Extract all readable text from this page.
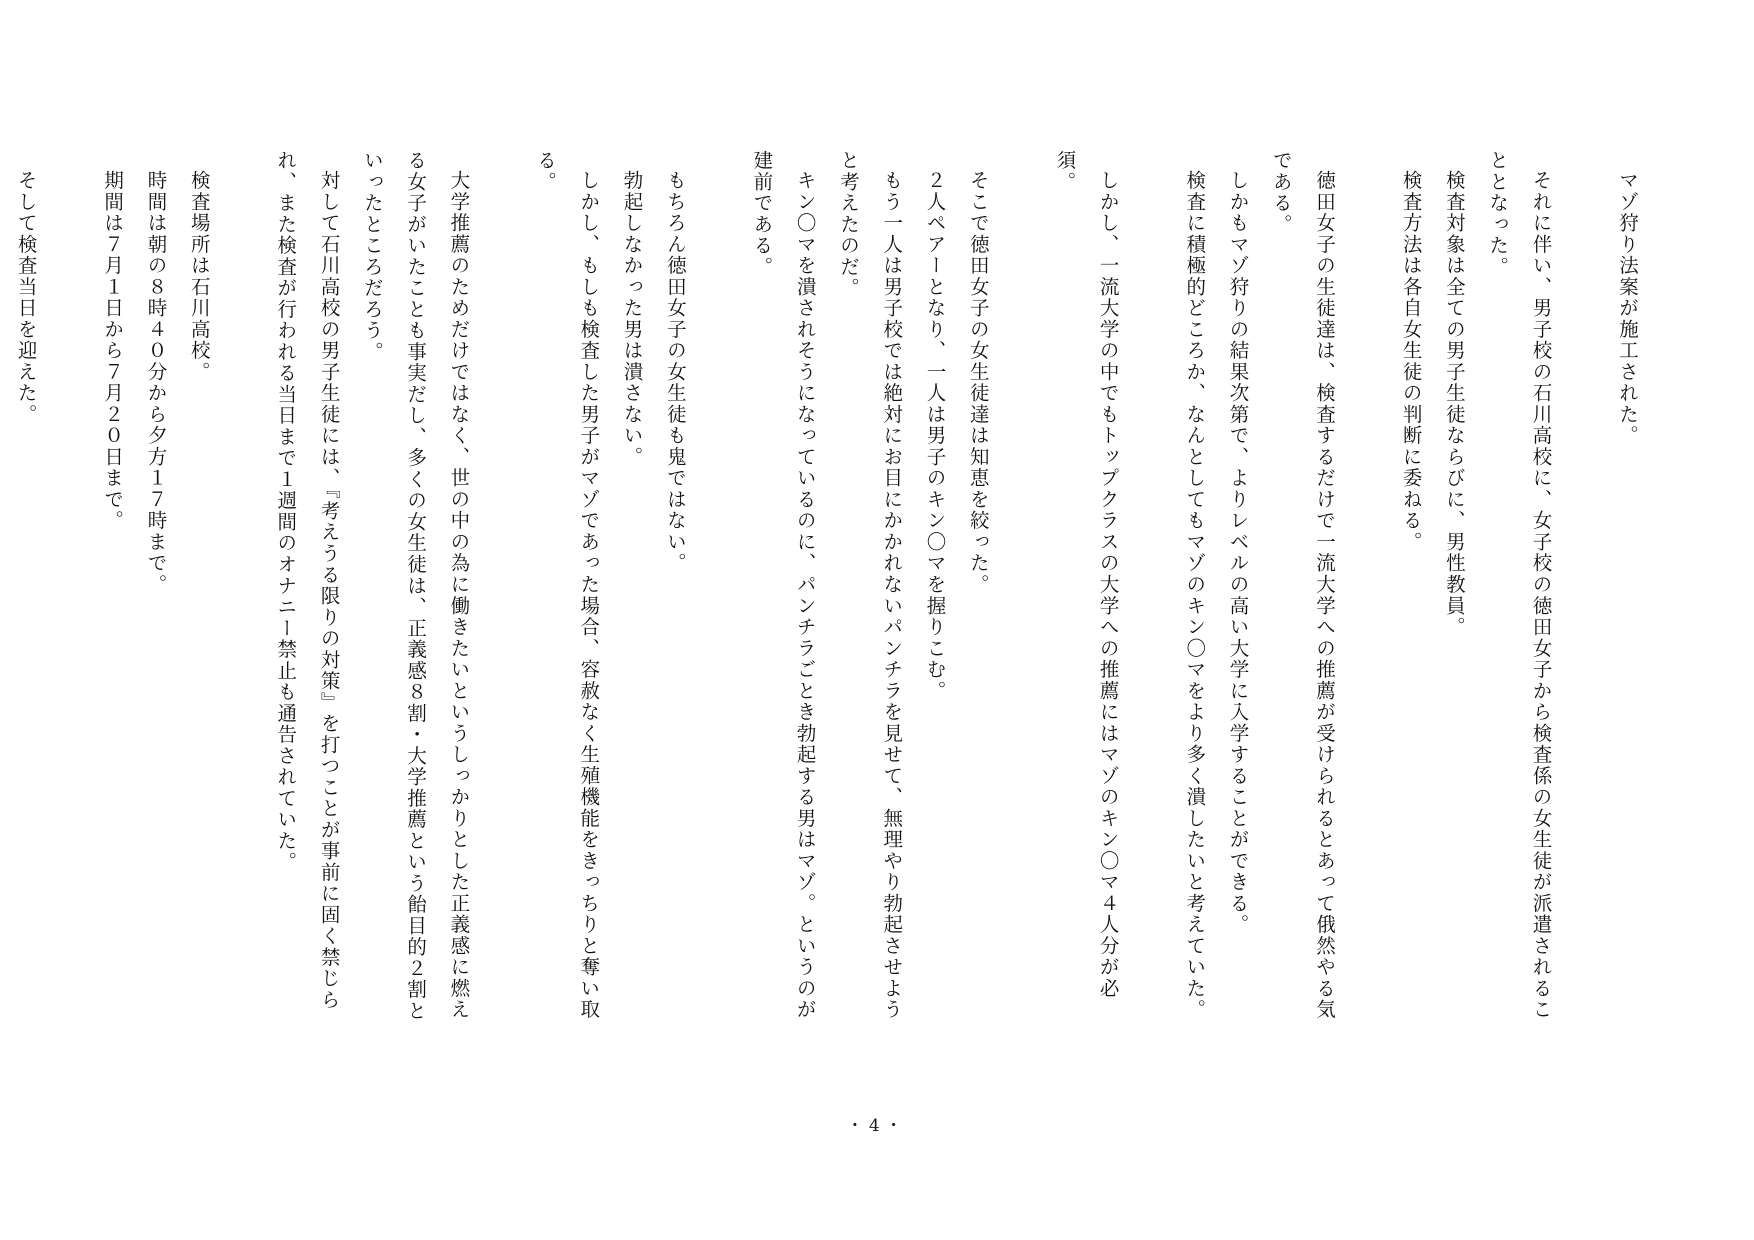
マゾ狩り法案が施工された。

それに伴い、男子校の石川高校に、女子校の徳田女子から検査係の女生徒が派遣されることとなった。

検査対象は全ての男子生徒ならびに、男性教員。

検査方法は各自女生徒の判断に委ねる。

徳田女子の生徒達は、検査するだけで一流大学への推薦が受けられるとあって俄然やる気である。

しかもマゾ狩りの結果次第で、よりレベルの高い大学に入学することができる。

検査に積極的どころか、なんとしてもマゾのキン〇マをより多く潰したいと考えていた。

しかし、一流大学の中でもトップクラスの大学への推薦にはマゾのキン〇マ４人分が必須。

そこで徳田女子の女生徒達は知恵を絞った。

２人ペアーとなり、一人は男子のキン〇マを握りこむ。

もう一人は男子校では絶対にお目にかかれないパンチラを見せて、無理やり勃起させようと考えたのだ。

キン〇マを潰されそうになっているのに、パンチラごとき勃起する男はマゾ。というのが建前である。

もちろん徳田女子の女生徒も鬼ではない。

勃起しなかった男は潰さない。

しかし、もしも検査した男子がマゾであった場合、容赦なく生殖機能をきっちりと奪い取る。

大学推薦のためだけではなく、世の中の為に働きたいというしっかりとした正義感に燃える女子がいたことも事実だし、多くの女生徒は、正義感８割・大学推薦という飴目的２割といったところだろう。

対して石川高校の男子生徒には、『考えうる限りの対策』を打つことが事前に固く禁じられ、また検査が行われる当日まで１週間のオナニー禁止も通告されていた。

検査場所は石川高校。

時間は朝の８時４０分から夕方１７時まで。

期間は７月１日から７月２０日まで。

そして検査当日を迎えた。

・4・
